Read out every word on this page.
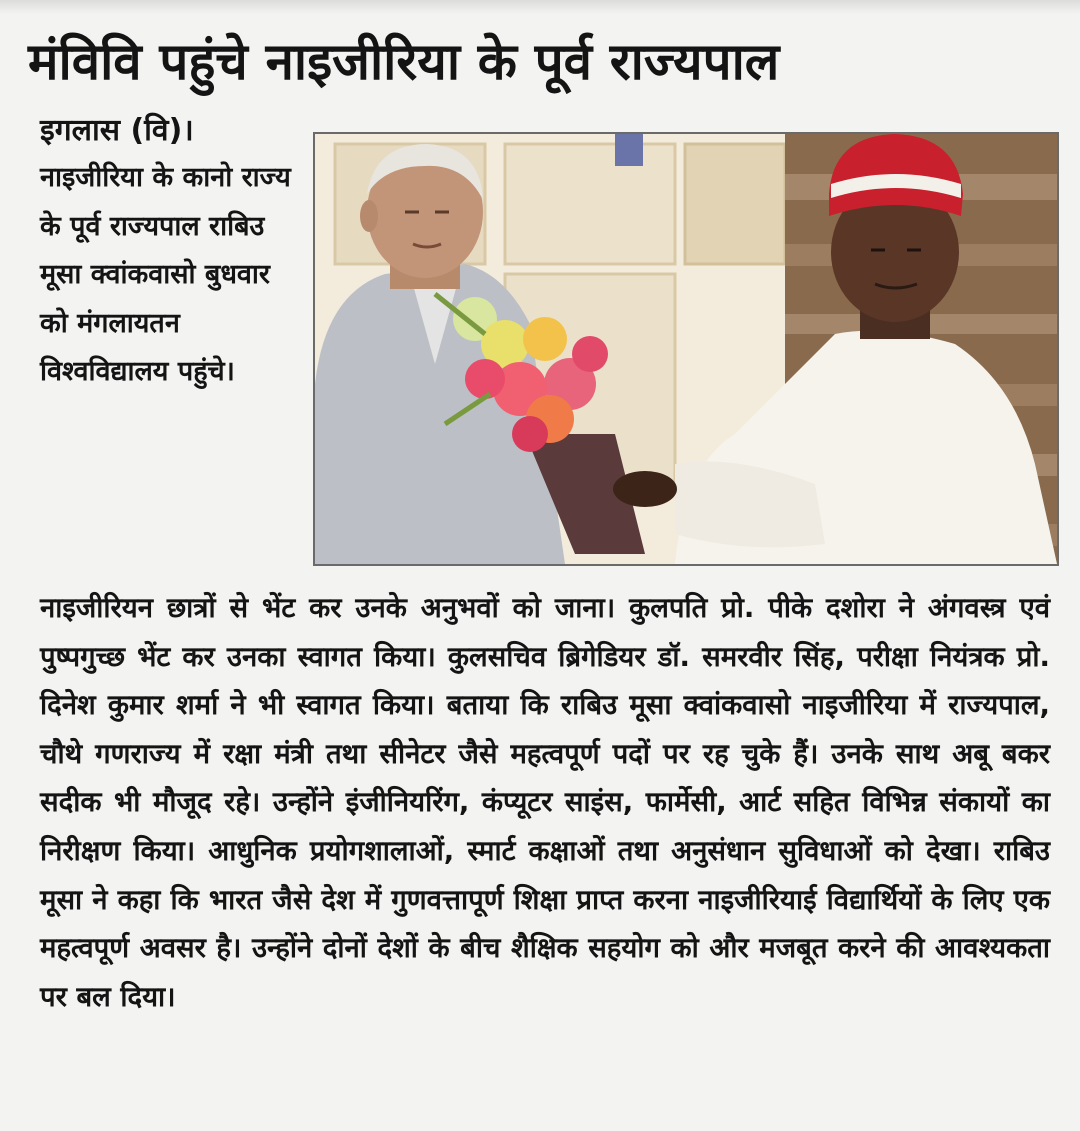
मंविवि पहुंचे नाइजीरिया के पूर्व राज्यपाल
इगलास (वि)।
नाइजीरिया के कानो राज्य के पूर्व राज्यपाल राबिउ मूसा क्वांकवासो बुधवार को मंगलायतन विश्वविद्यालय पहुंचे।
नाइजीरियन छात्रों से भेंट कर उनके अनुभवों को जाना। कुलपति प्रो. पीके दशोरा ने अंगवस्त्र एवं पुष्पगुच्छ भेंट कर उनका स्वागत किया। कुलसचिव ब्रिगेडियर डॉ. समरवीर सिंह, परीक्षा नियंत्रक प्रो. दिनेश कुमार शर्मा ने भी स्वागत किया। बताया कि राबिउ मूसा क्वांकवासो नाइजीरिया में राज्यपाल, चौथे गणराज्य में रक्षा मंत्री तथा सीनेटर जैसे महत्वपूर्ण पदों पर रह चुके हैं। उनके साथ अबू बकर सदीक भी मौजूद रहे। उन्होंने इंजीनियरिंग, कंप्यूटर साइंस, फार्मेसी, आर्ट सहित विभिन्न संकायों का निरीक्षण किया। आधुनिक प्रयोगशालाओं, स्मार्ट कक्षाओं तथा अनुसंधान सुविधाओं को देखा। राबिउ मूसा ने कहा कि भारत जैसे देश में गुणवत्तापूर्ण शिक्षा प्राप्त करना नाइजीरियाई विद्यार्थियों के लिए एक महत्वपूर्ण अवसर है। उन्होंने दोनों देशों के बीच शैक्षिक सहयोग को और मजबूत करने की आवश्यकता पर बल दिया।
